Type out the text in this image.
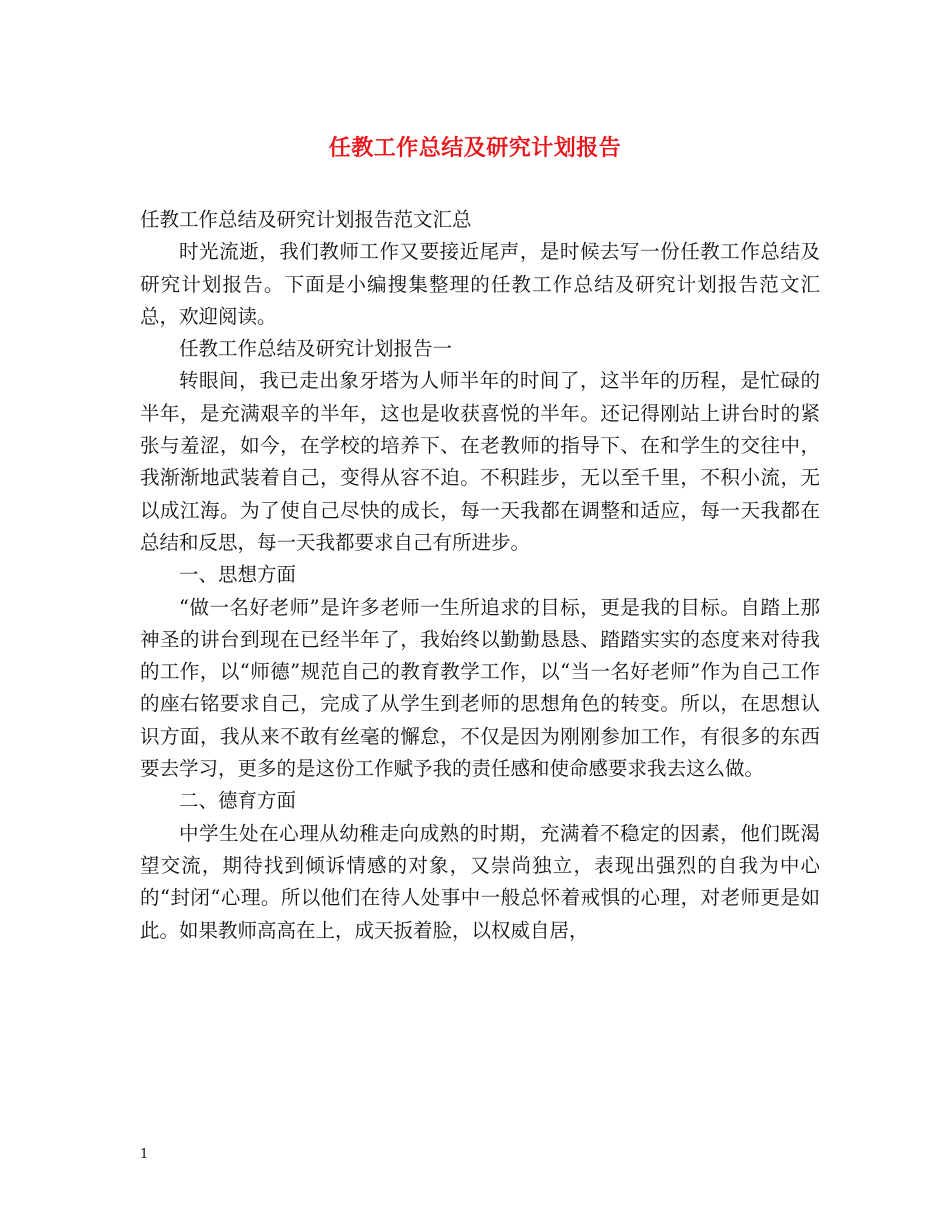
任教工作总结及研究计划报告

任教工作总结及研究计划报告范文汇总

时光流逝，我们教师工作又要接近尾声，是时候去写一份任教工作总结及研究计划报告。下面是小编搜集整理的任教工作总结及研究计划报告范文汇总，欢迎阅读。

任教工作总结及研究计划报告一

转眼间，我已走出象牙塔为人师半年的时间了，这半年的历程，是忙碌的半年，是充满艰辛的半年，这也是收获喜悦的半年。还记得刚站上讲台时的紧张与羞涩，如今，在学校的培养下、在老教师的指导下、在和学生的交往中，我渐渐地武装着自己，变得从容不迫。不积跬步，无以至千里，不积小流，无以成江海。为了使自己尽快的成长，每一天我都在调整和适应，每一天我都在总结和反思，每一天我都要求自己有所进步。

一、思想方面

“做一名好老师”是许多老师一生所追求的目标，更是我的目标。自踏上那神圣的讲台到现在已经半年了，我始终以勤勤恳恳、踏踏实实的态度来对待我的工作，以“师德”规范自己的教育教学工作，以“当一名好老师”作为自己工作的座右铭要求自己，完成了从学生到老师的思想角色的转变。所以，在思想认识方面，我从来不敢有丝毫的懈怠，不仅是因为刚刚参加工作，有很多的东西要去学习，更多的是这份工作赋予我的责任感和使命感要求我去这么做。

二、德育方面

中学生处在心理从幼稚走向成熟的时期，充满着不稳定的因素，他们既渴望交流，期待找到倾诉情感的对象，又崇尚独立，表现出强烈的自我为中心的“封闭“心理。所以他们在待人处事中一般总怀着戒惧的心理，对老师更是如此。如果教师高高在上，成天扳着脸，以权威自居，

1
